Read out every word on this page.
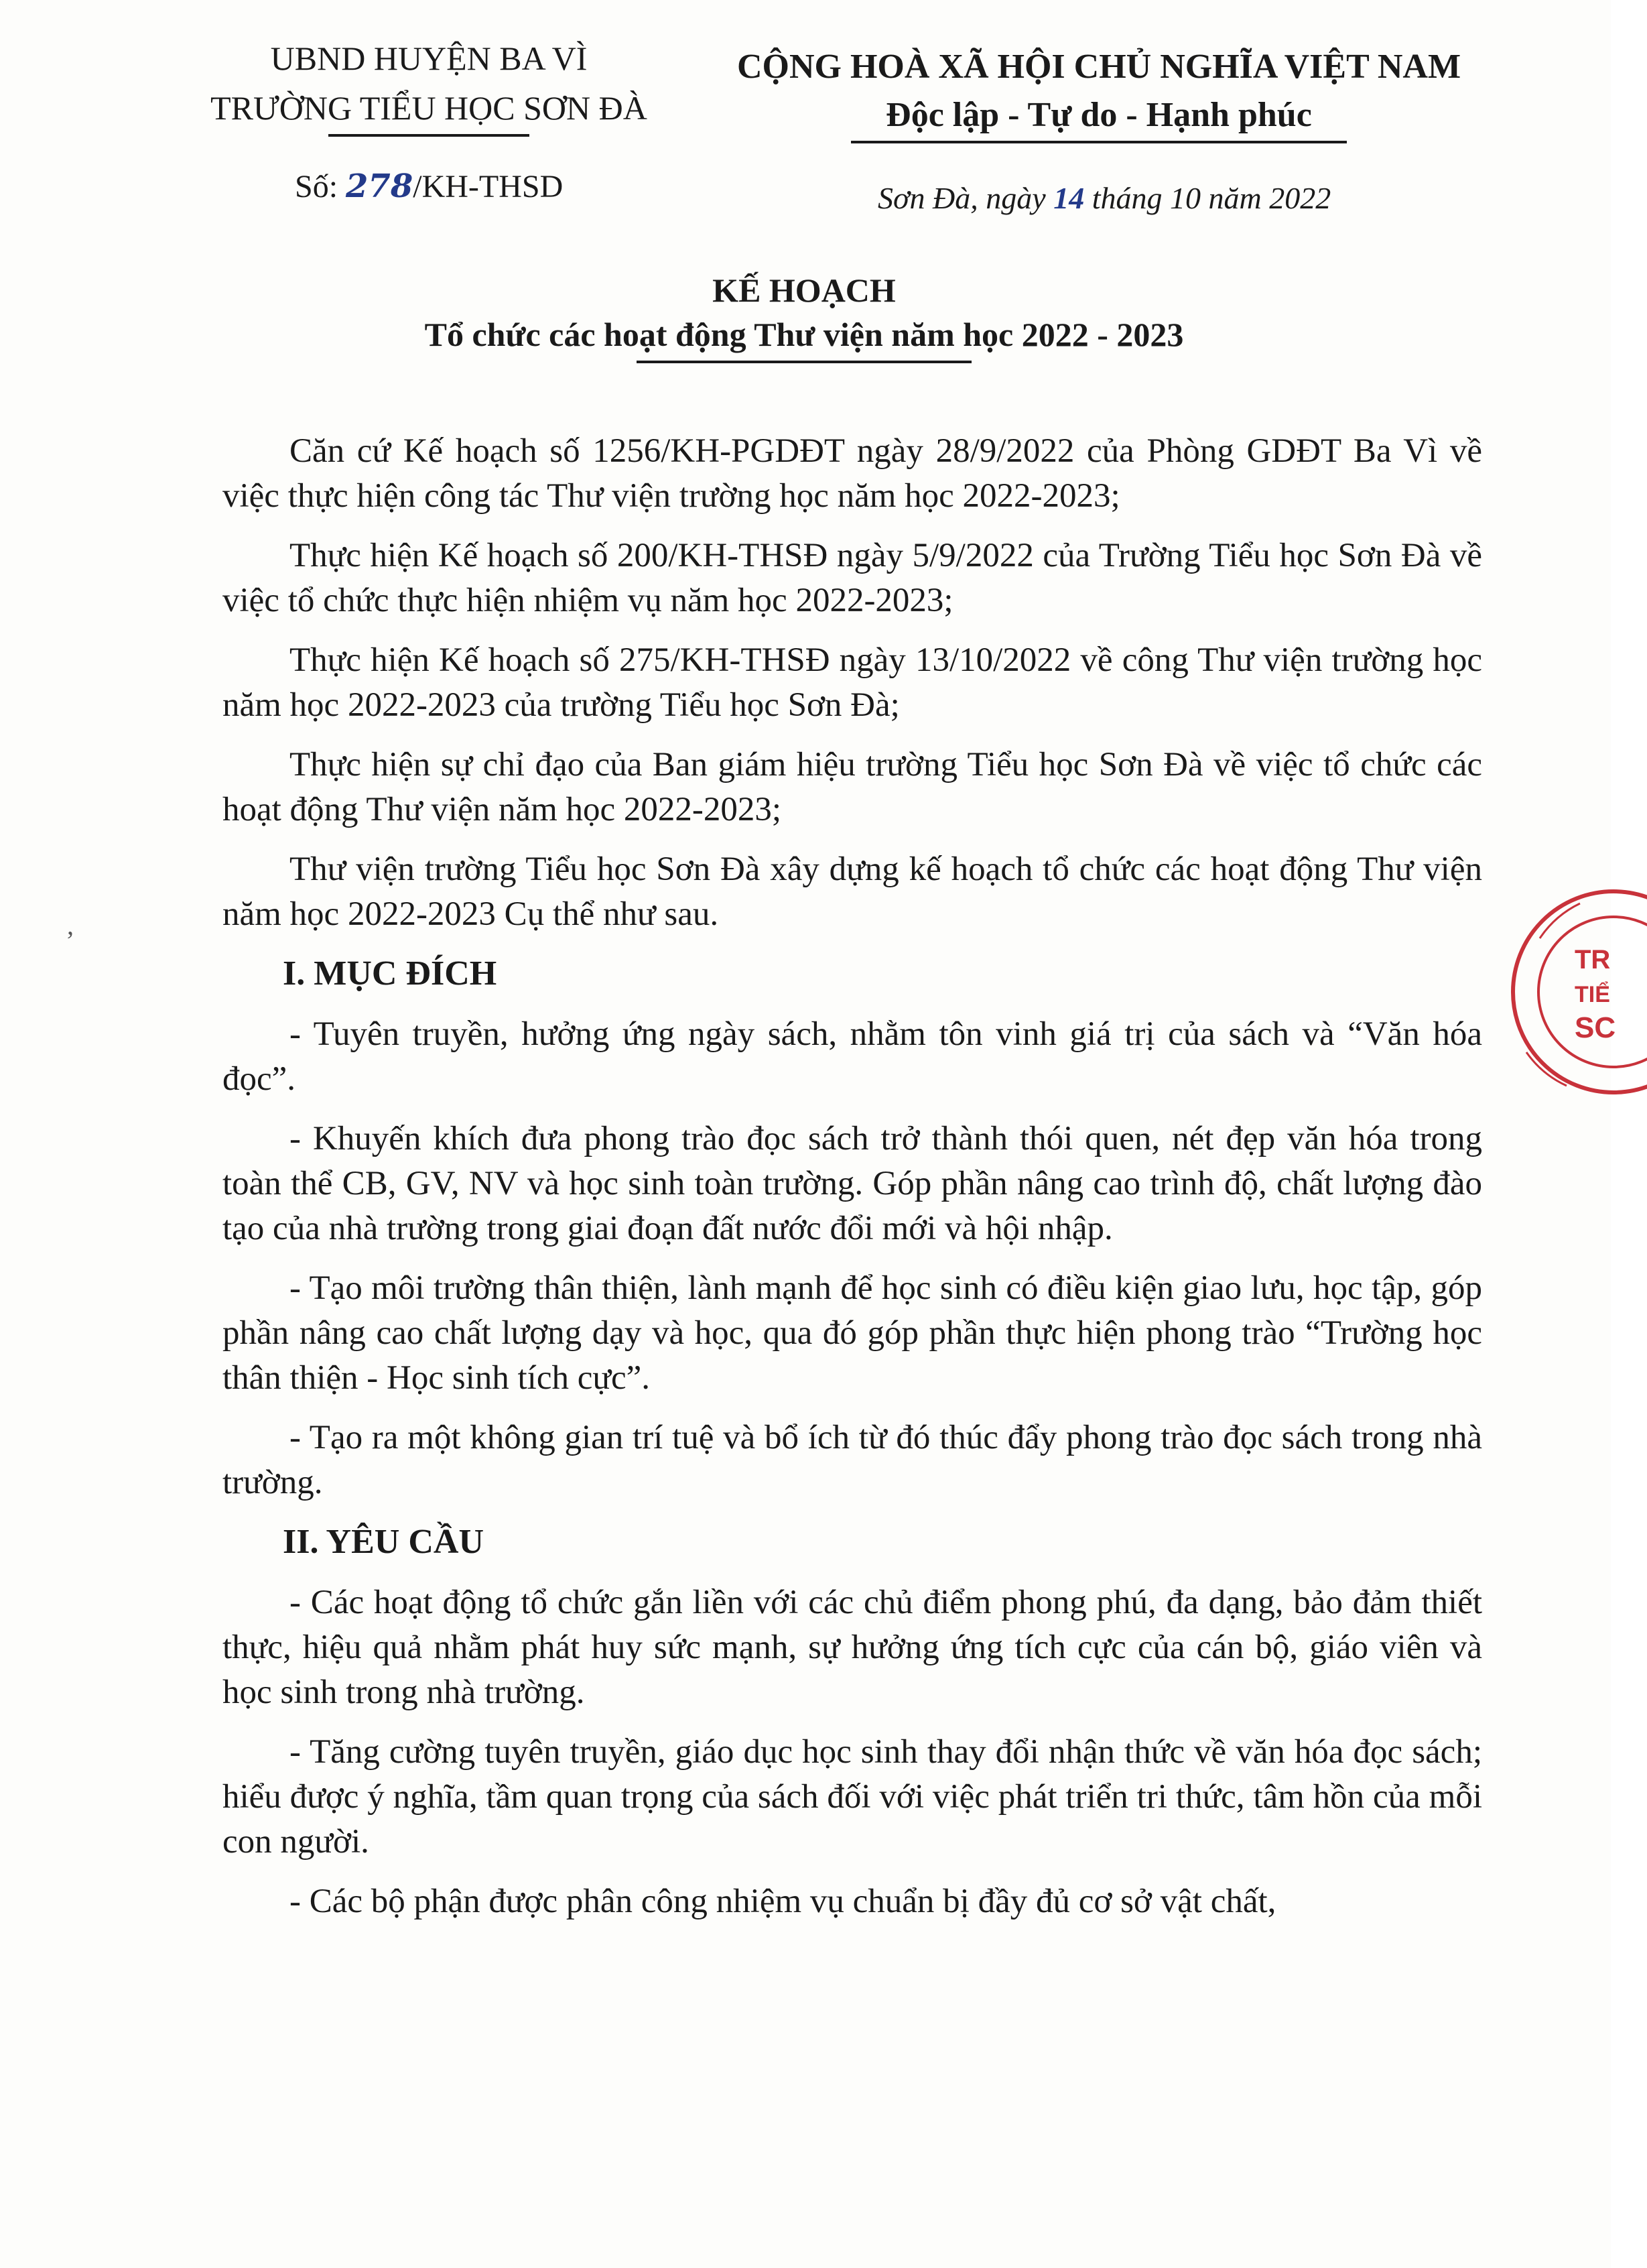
UBND HUYỆN BA VÌ
TRƯỜNG TIỂU HỌC SƠN ĐÀ
CỘNG HOÀ XÃ HỘI CHỦ NGHĨA VIỆT NAM
Độc lập - Tự do - Hạnh phúc
Số: 278/KH-THSD	Sơn Đà, ngày 14 tháng 10 năm 2022
KẾ HOẠCH
Tổ chức các hoạt động Thư viện năm học 2022 - 2023

Căn cứ Kế hoạch số 1256/KH-PGDĐT ngày 28/9/2022 của Phòng GDĐT Ba Vì về việc thực hiện công tác Thư viện trường học năm học 2022-2023;

Thực hiện Kế hoạch số 200/KH-THSĐ ngày 5/9/2022 của Trường Tiểu học Sơn Đà về việc tổ chức thực hiện nhiệm vụ năm học 2022-2023;

Thực hiện Kế hoạch số 275/KH-THSĐ ngày 13/10/2022 về công Thư viện trường học năm học 2022-2023 của trường Tiểu học Sơn Đà;

Thực hiện sự chỉ đạo của Ban giám hiệu trường Tiểu học Sơn Đà về việc tổ chức các hoạt động Thư viện năm học 2022-2023;

Thư viện trường Tiểu học Sơn Đà xây dựng kế hoạch tổ chức các hoạt động Thư viện năm học 2022-2023 Cụ thể như sau.

I. MỤC ĐÍCH

- Tuyên truyền, hưởng ứng ngày sách, nhằm tôn vinh giá trị của sách và “Văn hóa đọc”.

- Khuyến khích đưa phong trào đọc sách trở thành thói quen, nét đẹp văn hóa trong toàn thể CB, GV, NV và học sinh toàn trường. Góp phần nâng cao trình độ, chất lượng đào tạo của nhà trường trong giai đoạn đất nước đổi mới và hội nhập.

- Tạo môi trường thân thiện, lành mạnh để học sinh có điều kiện giao lưu, học tập, góp phần nâng cao chất lượng dạy và học, qua đó góp phần thực hiện phong trào “Trường học thân thiện - Học sinh tích cực”.

- Tạo ra một không gian trí tuệ và bổ ích từ đó thúc đẩy phong trào đọc sách trong nhà trường.

II. YÊU CẦU

- Các hoạt động tổ chức gắn liền với các chủ điểm phong phú, đa dạng, bảo đảm thiết thực, hiệu quả nhằm phát huy sức mạnh, sự hưởng ứng tích cực của cán bộ, giáo viên và học sinh trong nhà trường.

- Tăng cường tuyên truyền, giáo dục học sinh thay đổi nhận thức về văn hóa đọc sách; hiểu được ý nghĩa, tầm quan trọng của sách đối với việc phát triển tri thức, tâm hồn của mỗi con người.

- Các bộ phận được phân công nhiệm vụ chuẩn bị đầy đủ cơ sở vật chất,

TR
TIỂ
SC
ʼ
